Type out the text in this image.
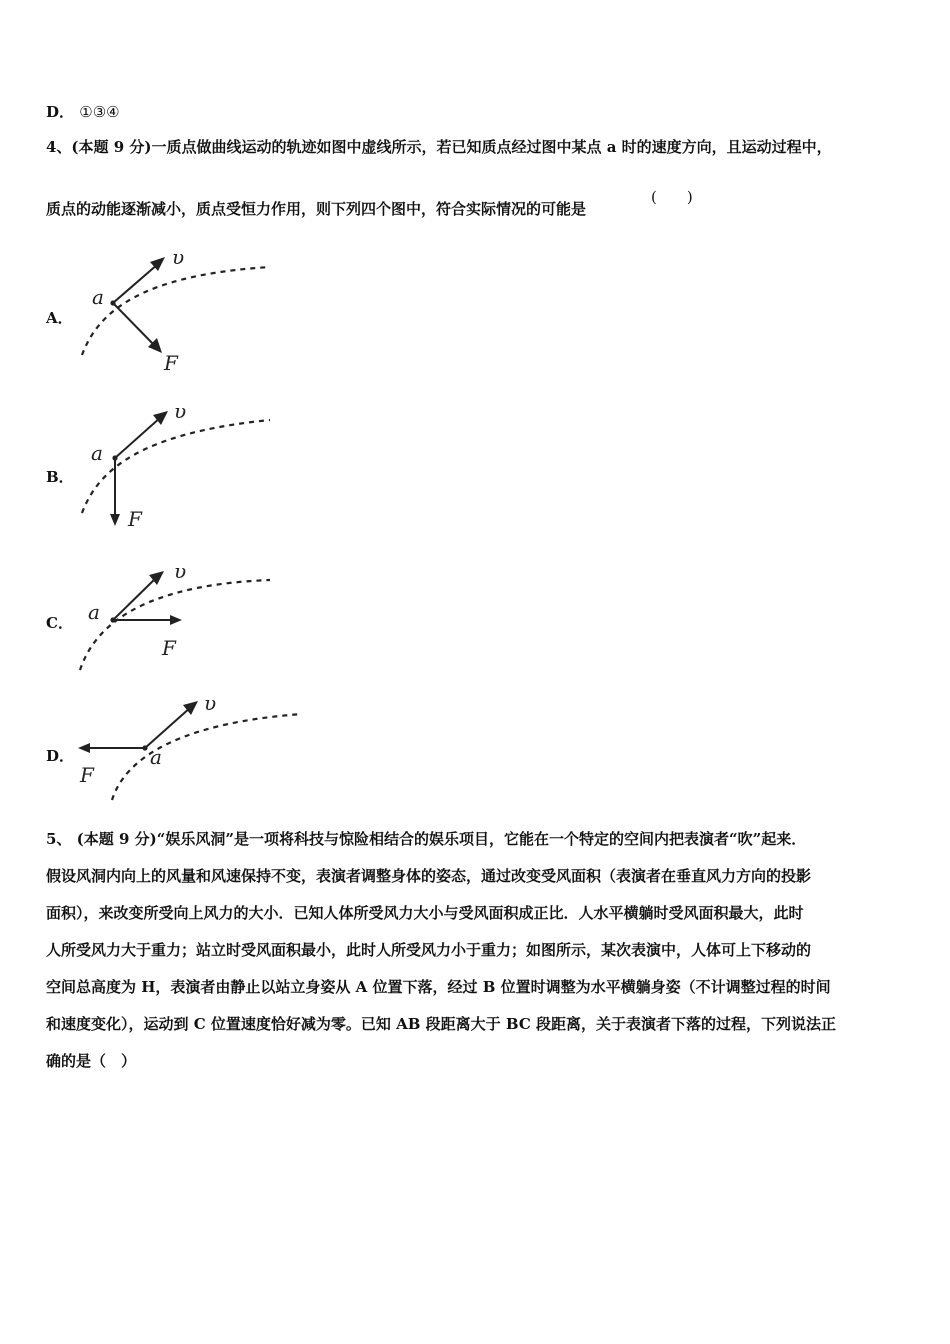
D． ①③④
4、(本题 9 分)一质点做曲线运动的轨迹如图中虚线所示，若已知质点经过图中某点 a 时的速度方向，且运动过程中，
质点的动能逐渐减小，质点受恒力作用，则下列四个图中，符合实际情况的可能是
(　　)
A．
a
υ
F
B．
a
υ
F
C． a
υ
F
D．	a
υ
F
5、 (本题 9 分)“娱乐风洞”是一项将科技与惊险相结合的娱乐项目，它能在一个特定的空间内把表演者“吹”起来．
假设风洞内向上的风量和风速保持不变，表演者调整身体的姿态，通过改变受风面积（表演者在垂直风力方向的投影
面积），来改变所受向上风力的大小．已知人体所受风力大小与受风面积成正比．人水平横躺时受风面积最大，此时
人所受风力大于重力；站立时受风面积最小，此时人所受风力小于重力；如图所示，某次表演中，人体可上下移动的
空间总高度为 H，表演者由静止以站立身姿从 A 位置下落，经过 B 位置时调整为水平横躺身姿（不计调整过程的时间
和速度变化），运动到 C 位置速度恰好减为零。已知 AB 段距离大于 BC 段距离，关于表演者下落的过程，下列说法正
确的是（　）
